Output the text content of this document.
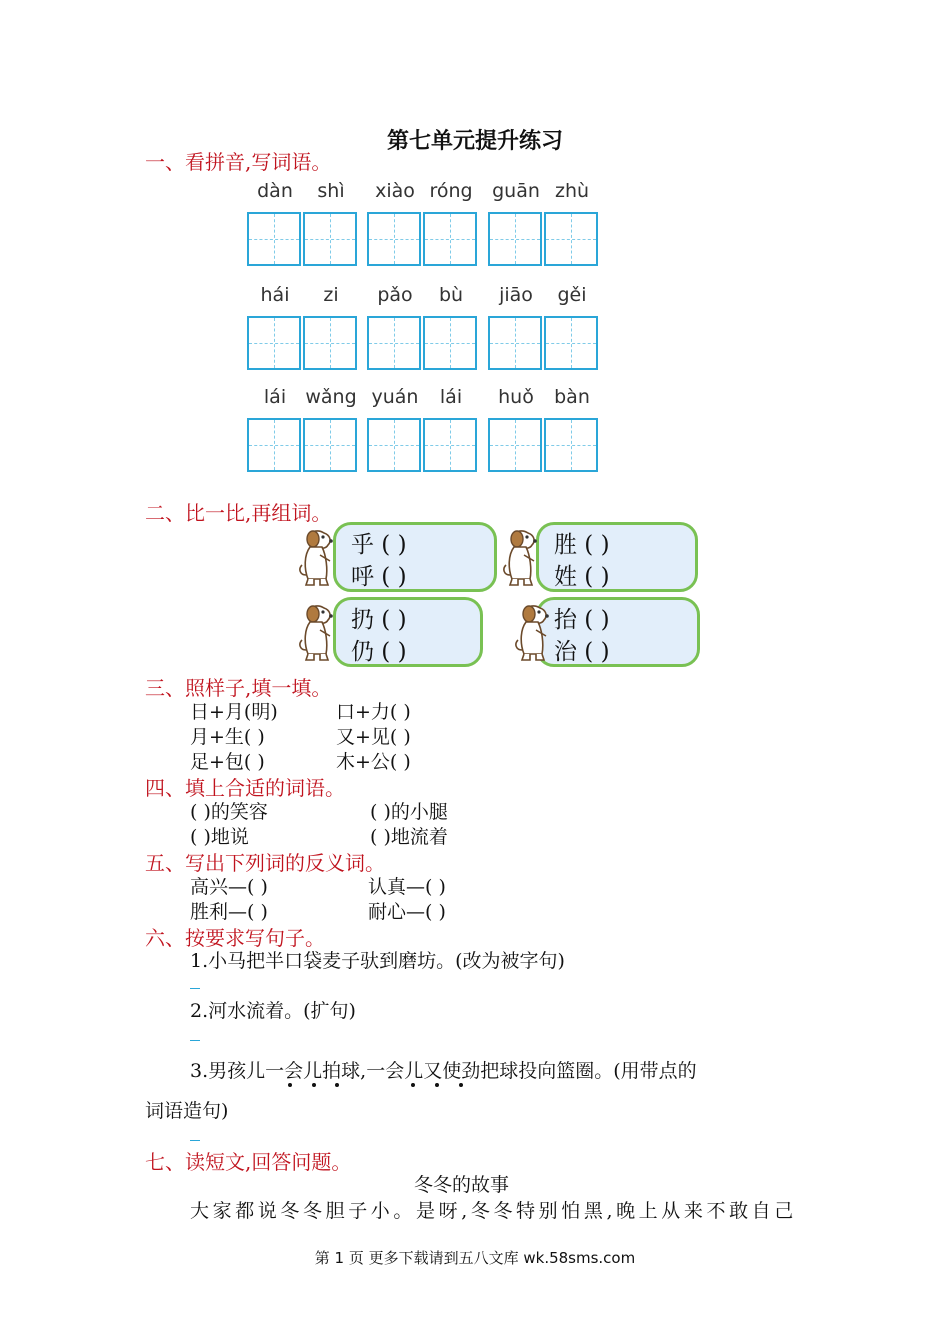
第七单元提升练习
一、看拼音,写词语。
dàn	shì	xiào róng	guān zhù
hái	zi	pǎo	bù	jiāo	gěi
lái	wǎng yuán	lái	huǒ	bàn
二、比一比,再组词。
乎 ( )
呼 ( )
胜 ( )
姓 ( )
扔 ( )
仍 ( )
抬 ( )
治 ( )
三、照样子,填一填。
日+月(明)	口+力( )
月+生( )	又+见( )
足+包( )	木+公( )
四、填上合适的词语。
( )的笑容	( )的小腿
( )地说	( )地流着
五、写出下列词的反义词。
高兴—( )	认真—( )
胜利—( )	耐心—( )
六、按要求写句子。
1.小马把半口袋麦子驮到磨坊。(改为被字句)
2.河水流着。(扩句)
3.男孩儿一会儿拍球,一会儿又使劲把球投向篮圈。(用带点的
词语造句)
七、读短文,回答问题。
冬冬的故事
大家都说冬冬胆子小。是呀,冬冬特别怕黑,晚上从来不敢自己
第 1 页 更多下载请到五八文库 wk.58sms.com
